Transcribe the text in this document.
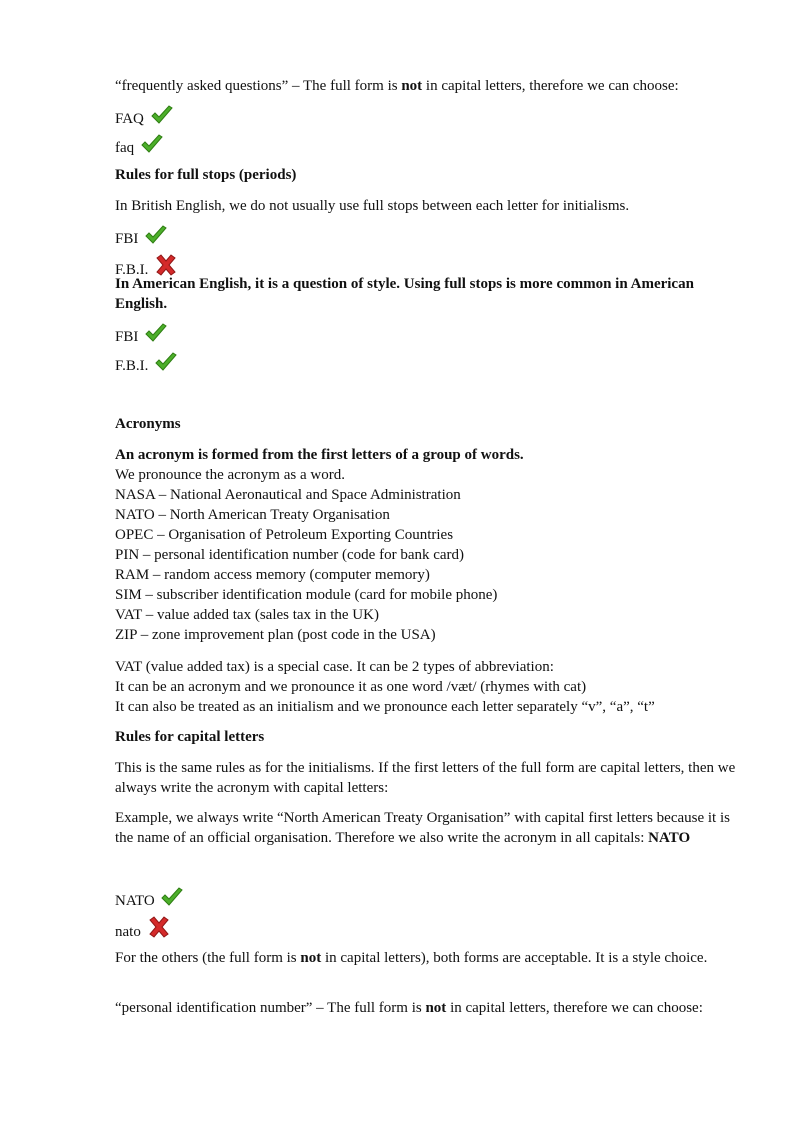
“frequently asked questions” – The full form is not in capital letters, therefore we can choose:
FAQ
faq
Rules for full stops (periods)
In British English, we do not usually use full stops between each letter for initialisms.
FBI
F.B.I.
In American English, it is a question of style. Using full stops is more common in American English.
FBI
F.B.I.
Acronyms
An acronym is formed from the first letters of a group of words.
We pronounce the acronym as a word.
NASA – National Aeronautical and Space Administration
NATO – North American Treaty Organisation
OPEC – Organisation of Petroleum Exporting Countries
PIN – personal identification number (code for bank card)
RAM – random access memory (computer memory)
SIM – subscriber identification module (card for mobile phone)
VAT – value added tax (sales tax in the UK)
ZIP – zone improvement plan (post code in the USA)
VAT (value added tax) is a special case. It can be 2 types of abbreviation:
It can be an acronym and we pronounce it as one word /væt/ (rhymes with cat)
It can also be treated as an initialism and we pronounce each letter separately “v”, “a”, “t”
Rules for capital letters
This is the same rules as for the initialisms. If the first letters of the full form are capital letters, then we always write the acronym with capital letters:
Example, we always write “North American Treaty Organisation” with capital first letters because it is the name of an official organisation. Therefore we also write the acronym in all capitals: NATO
NATO
nato
For the others (the full form is not in capital letters), both forms are acceptable. It is a style choice.
“personal identification number” – The full form is not in capital letters, therefore we can choose:
